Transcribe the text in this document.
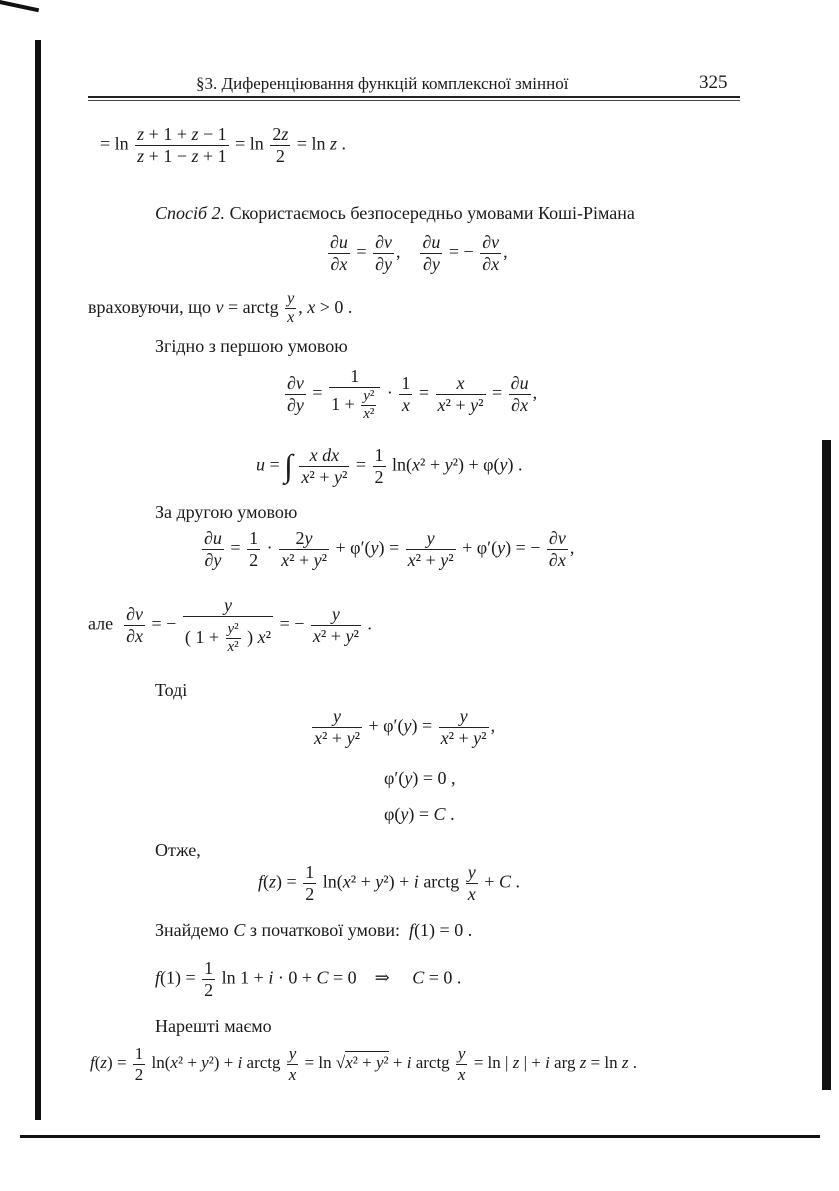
§3. Диференціювання функцій комплексної змінної	325
= $\ln \frac{z + 1 + z - 1}{z + 1 - z + 1} = \ln \frac{2z}{2} = \ln z$ .
Спосіб 2. Скористаємось безпосередньо умовами Коші-Рімана
$\frac{\partial u}{\partial x} = \frac{\partial v}{\partial y}$ , $\frac{\partial u}{\partial y}$ = − $\frac{\partial v}{\partial x}$ ,
враховуючи, що v = arctg $\frac{y}{x}$ , x > 0 .
Згідно з першою умовою
$\frac{\partial v}{\partial y} = \frac{1}{1 + \frac{\text{y²}}{\text{x²}}} \cdot \frac{1}{x} = \frac{x}{\text{x² + y²}} = \frac{\partial u}{\partial x}$ ,
u = ∫ $\frac{\text{x dx}}{\text{x² + y²}} = \frac{1}{2} \ln(x^2 + y^2) + \varphi(y)$ .
За другою умовою
$\frac{\partial u}{\partial y} = \frac{1}{2} \cdot \frac{2y}{\text{x² + y²}} + \varphi'(y) = \frac{y}{\text{x² + y²}} + \varphi'(y)$ = − $\frac{\partial v}{\partial x}$ ,
але $\frac{\partial v}{\partial x}$ = − $\frac{y}{( 1 + \frac{\text{y²}}{\text{x²}} ) x^2}$ = − $\frac{y}{\text{x² + y²}}$ .
Тоді
$\frac{y}{\text{x² + y²}} + \varphi'(y) = \frac{y}{\text{x² + y²}}$ ,
φ′(y) = 0 ,
φ(y) = C .
Отже,
$f(z) = \frac{1}{2} \ln(x^2 + y^2) + i$ arctg $\frac{y}{x} + C$ .
Знайдемо C з початкової умови: f(1) = 0 .
$f(1) = \frac{1}{2}$ ln 1 + i · 0 + C = 0    ⇒     C = 0 .
Нарешті маємо
$f(z) = \frac{1}{2} \ln(x^2 + y^2) + i$ arctg $\frac{y}{x} = \ln √x^2 + y^2 + i$ arctg $\frac{y}{x} = \ln$ | z | + i arg z = ln z .
